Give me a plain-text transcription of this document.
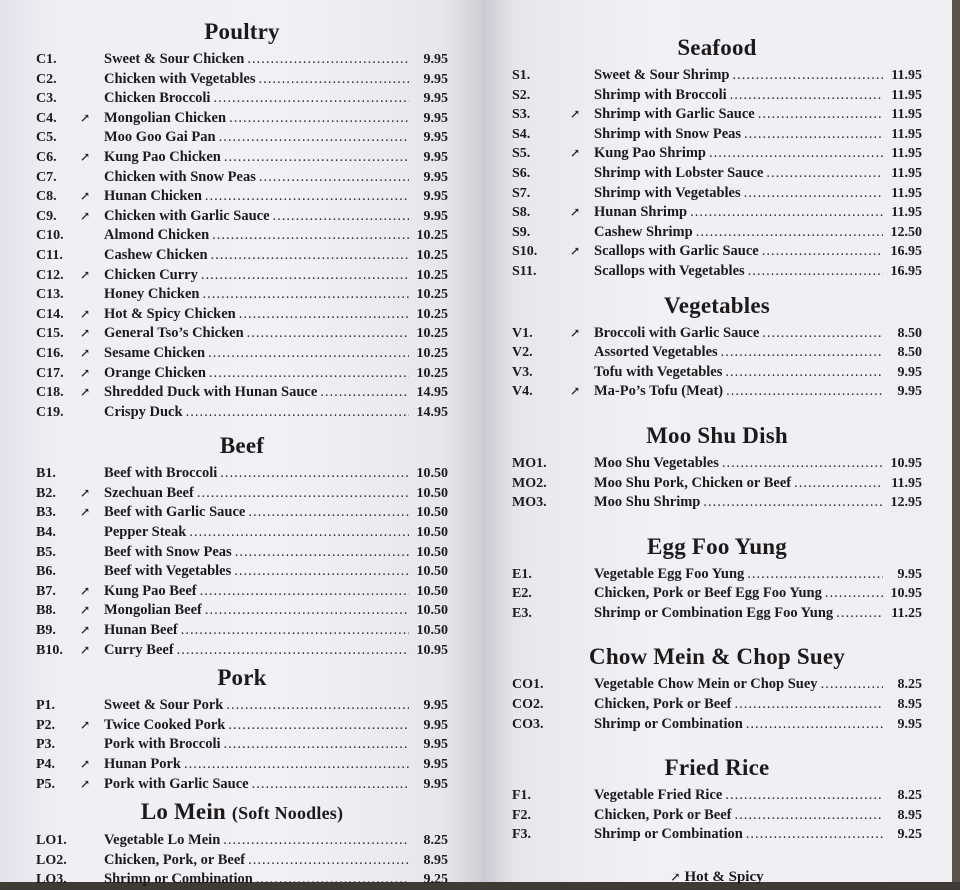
Poultry
C1.	Sweet & Sour Chicken .....	9.95
C2.	Chicken with Vegetables .....	9.95
C3.	Chicken Broccoli .....	9.95
C4.	↗︎ Mongolian Chicken .....	9.95
C5.	Moo Goo Gai Pan .....	9.95
C6.	↗︎ Kung Pao Chicken .....	9.95
C7.	Chicken with Snow Peas .....	9.95
C8.	↗︎ Hunan Chicken .....	9.95
C9.	↗︎ Chicken with Garlic Sauce .....	9.95
C10.	Almond Chicken .....	10.25
C11.	Cashew Chicken .....	10.25
C12.	↗︎ Chicken Curry .....	10.25
C13.	Honey Chicken .....	10.25
C14.	↗︎ Hot & Spicy Chicken .....	10.25
C15.	↗︎ General Tso’s Chicken .....	10.25
C16.	↗︎ Sesame Chicken .....	10.25
C17.	↗︎ Orange Chicken .....	10.25
C18.	↗︎ Shredded Duck with Hunan Sauce .....	14.95
C19.	Crispy Duck .....	14.95
Beef
B1.	Beef with Broccoli .....	10.50
B2.	↗︎ Szechuan Beef .....	10.50
B3.	↗︎ Beef with Garlic Sauce .....	10.50
B4.	Pepper Steak .....	10.50
B5.	Beef with Snow Peas .....	10.50
B6.	Beef with Vegetables .....	10.50
B7.	↗︎ Kung Pao Beef .....	10.50
B8.	↗︎ Mongolian Beef .....	10.50
B9.	↗︎ Hunan Beef .....	10.50
B10.	↗︎ Curry Beef .....	10.95
Pork
P1.	Sweet & Sour Pork .....	9.95
P2.	↗︎ Twice Cooked Pork .....	9.95
P3.	Pork with Broccoli .....	9.95
P4.	↗︎ Hunan Pork .....	9.95
P5.	↗︎ Pork with Garlic Sauce .....	9.95
Lo Mein (Soft Noodles)
LO1.	Vegetable Lo Mein .....	8.25
LO2.	Chicken, Pork, or Beef .....	8.95
LO3.	Shrimp or Combination .....	9.25
Seafood
S1.	Sweet & Sour Shrimp .....	11.95
S2.	Shrimp with Broccoli .....	11.95
S3.	↗︎ Shrimp with Garlic Sauce .....	11.95
S4.	Shrimp with Snow Peas .....	11.95
S5.	↗︎ Kung Pao Shrimp .....	11.95
S6.	Shrimp with Lobster Sauce .....	11.95
S7.	Shrimp with Vegetables .....	11.95
S8.	↗︎ Hunan Shrimp .....	11.95
S9.	Cashew Shrimp .....	12.50
S10.	↗︎ Scallops with Garlic Sauce .....	16.95
S11.	Scallops with Vegetables .....	16.95
Vegetables
V1.	↗︎ Broccoli with Garlic Sauce .....	8.50
V2.	Assorted Vegetables .....	8.50
V3.	Tofu with Vegetables .....	9.95
V4.	↗︎ Ma-Po’s Tofu (Meat) .....	9.95
Moo Shu Dish
MO1.	Moo Shu Vegetables .....	10.95
MO2.	Moo Shu Pork, Chicken or Beef .....	11.95
MO3.	Moo Shu Shrimp .....	12.95
Egg Foo Yung
E1.	Vegetable Egg Foo Yung .....	9.95
E2.	Chicken, Pork or Beef Egg Foo Yung .....	10.95
E3.	Shrimp or Combination Egg Foo Yung .....	11.25
Chow Mein & Chop Suey
CO1.	Vegetable Chow Mein or Chop Suey .....	8.25
CO2.	Chicken, Pork or Beef .....	8.95
CO3.	Shrimp or Combination .....	9.95
Fried Rice
F1.	Vegetable Fried Rice .....	8.25
F2.	Chicken, Pork or Beef .....	8.95
F3.	Shrimp or Combination .....	9.25
↗︎ Hot & Spicy
